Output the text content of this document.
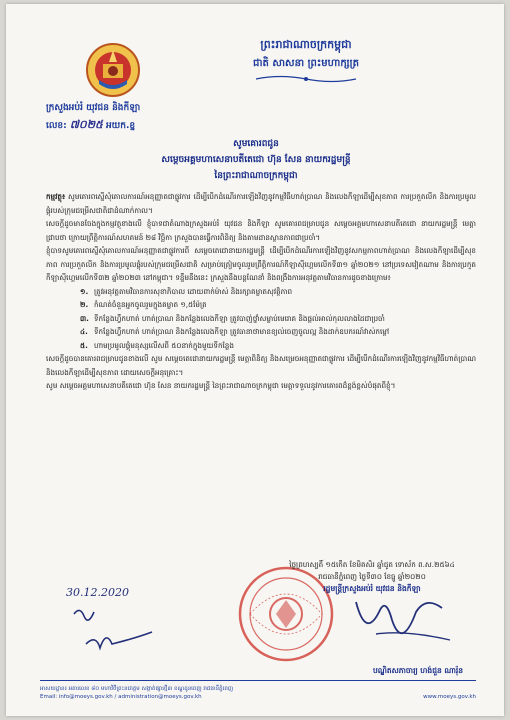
ព្រះរាជាណាចក្រកម្ពុជា
ជាតិ សាសនា ព្រះមហាក្សត្រ
ក្រសួងអប់រំ យុវជន និងកីឡា
លេខ: ៧០២៥ អយក.ខ្ន
សូមគោរពជូន
សម្ដេចអគ្គមហាសេនាបតីតេជោ ហ៊ុន សែន នាយករដ្ឋមន្ត្រី
នៃព្រះរាជាណាចក្រកម្ពុជា

កម្មវត្ថុ៖ សូមគោរពស្នើសុំគោលការណ៍អនុញ្ញាតជាផ្លូវការ ដើម្បីបើកដំណើរការឡើងវិញនូវកម្មវិធីហាត់ប្រាណ និងលេងកីឡាដើម្បីសុខភាព ការប្រកួតលីក និងការប្រមូលផ្ដុំរបស់ក្រុមជម្រើសជាតិជាដំណាក់កាល។

សេចក្ដីដូចមានចែងក្នុងកម្មវត្ថុខាងលើ ខ្ញុំបាទជាតំណាងក្រសួងអប់រំ យុវជន និងកីឡា សូមគោរពជម្រាបជូន សម្ដេចអគ្គមហាសេនាបតីតេជោ នាយករដ្ឋមន្ត្រី មេត្តាជ្រាបថា ក្រោយព្រឹត្តិការណ៍សហគមន៍ ២៨ វិច្ឆិកា ក្រសួងបានធ្វើការពិនិត្យ និងតាមដានស្ថានភាពជាប្រចាំ។

ខ្ញុំបាទសូមគោរពស្នើសុំគោលការណ៍អនុញ្ញាតជាផ្លូវការពី សម្ដេចតេជោនាយករដ្ឋមន្ត្រី ដើម្បីបើកដំណើរការឡើងវិញនូវសកម្មភាពហាត់ប្រាណ និងលេងកីឡាដើម្បីសុខភាព ការប្រកួតលីក និងការប្រមូលផ្ដុំរបស់ក្រុមជម្រើសជាតិ សម្រាប់ត្រៀមចូលរួមព្រឹត្តិការណ៍កីឡាស៊ីហ្គេមលើកទី៣១ ឆ្នាំ២០២១ នៅប្រទេសវៀតណាម និងការប្រកួតកីឡាស៊ីហ្គេមលើកទី៣២ ឆ្នាំ២០២៣ នៅកម្ពុជា។ ទន្ទឹមនឹងនេះ ក្រសួងនឹងបន្តណែនាំ និងពង្រឹងការអនុវត្តតាមវិធានការដូចខាងក្រោម៖

១. ត្រូវអនុវត្តតាមវិធានការសុខាភិបាល ដោយពាក់ម៉ាស់ និងរក្សាគម្លាតសុវត្ថិភាព
២. កំណត់ចំនួនអ្នកចូលរួមក្នុងគម្លាត ១,៥ម៉ែត្រ
៣. ទីកន្លែងហ្វឹកហាត់ ហាត់ប្រាណ និងកន្លែងលេងកីឡា ត្រូវបាញ់ថ្នាំសម្លាប់មេរោគ និងផ្ដល់អាល់កុលលាងដៃជាប្រចាំ
៤. ទីកន្លែងហ្វឹកហាត់ ហាត់ប្រាណ និងកន្លែងលេងកីឡា ត្រូវធានាថាមានខ្យល់ចេញចូលល្អ និងដាក់ឧបករណ៍វាស់កម្ដៅ
៥. ហាមប្រមូលផ្ដុំមនុស្សលើសពី ៥០នាក់ក្នុងមួយទីកន្លែង

សេចក្ដីដូចបានគោរពជម្រាបជូនខាងលើ សូម សម្ដេចតេជោនាយករដ្ឋមន្ត្រី មេត្តាពិនិត្យ និងសម្រេចអនុញ្ញាតជាផ្លូវការ ដើម្បីបើកដំណើរការឡើងវិញនូវកម្មវិធីហាត់ប្រាណ និងលេងកីឡាដើម្បីសុខភាព ដោយសេចក្ដីអនុគ្រោះ។

សូម សម្ដេចអគ្គមហាសេនាបតីតេជោ ហ៊ុន សែន នាយករដ្ឋមន្ត្រី នៃព្រះរាជាណាចក្រកម្ពុជា មេត្តាទទួលនូវការគោរពដ៏ខ្ពង់ខ្ពស់បំផុតពីខ្ញុំ។

30.12.2020
ថ្ងៃព្រហស្បតិ៍ ១៥កើត ខែមិគសិរ ឆ្នាំជូត ទោស័ក ព.ស.២៥៦៤
រាជធានីភ្នំពេញ ថ្ងៃទី៣០ ខែធ្នូ ឆ្នាំ២០២០
រដ្ឋមន្ត្រីក្រសួងអប់រំ យុវជន និងកីឡា
បណ្ឌិតសភាចារ្យ ហង់ជួន ណារ៉ុន
អាសយដ្ឋាន៖ អគារលេខ ៨០ មហាវិថីព្រះនរោត្តម សង្កាត់ផ្សារថ្មី៣ ខណ្ឌដូនពេញ រាជធានីភ្នំពេញ
Email: info@moeys.gov.kh / administration@moeys.gov.kh	www.moeys.gov.kh
